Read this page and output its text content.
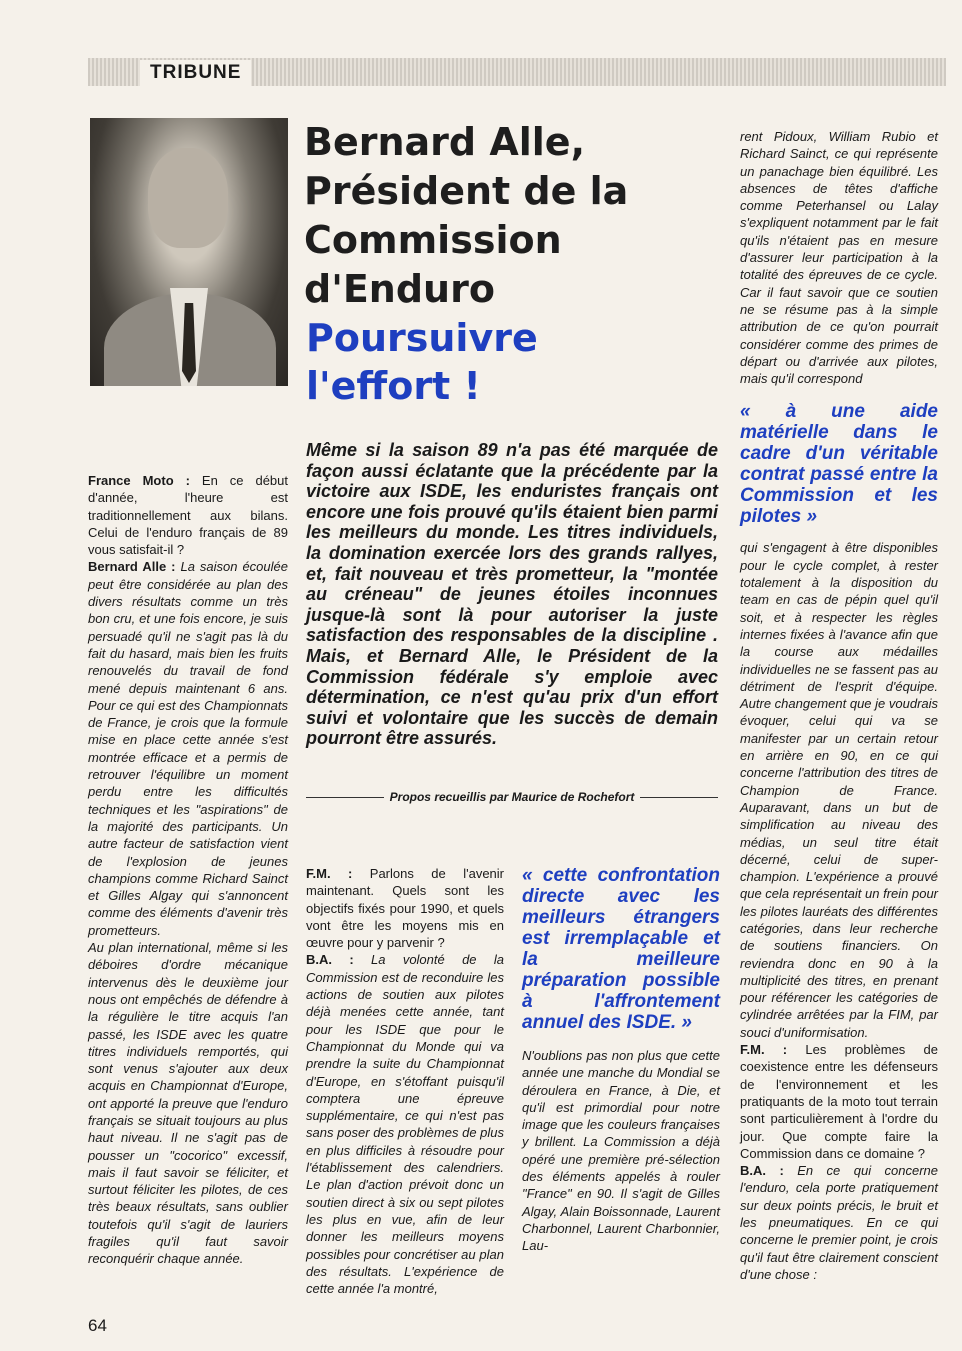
TRIBUNE
Bernard Alle,
Président de la
Commission
d'Enduro
Poursuivre
l'effort !
Même si la saison 89 n'a pas été marquée de façon aussi éclatante que la précédente par la victoire aux ISDE, les enduristes français ont encore une fois prouvé qu'ils étaient bien parmi les meilleurs du monde. Les titres individuels, la domination exercée lors des grands rallyes, et, fait nouveau et très prometteur, la "montée au créneau" de jeunes étoiles inconnues jusque-là sont là pour autoriser la juste satisfaction des responsables de la discipline . Mais, et Bernard Alle, le Président de la Commission fédérale s'y emploie avec détermination, ce n'est qu'au prix d'un effort suivi et volontaire que les succès de demain pourront être assurés.
Propos recueillis par Maurice de Rochefort

France Moto : En ce début d'année, l'heure est traditionnellement aux bilans. Celui de l'enduro français de 89 vous satisfait-il ?

Bernard Alle : La saison écoulée peut être considérée au plan des divers résultats comme un très bon cru, et une fois encore, je suis persuadé qu'il ne s'agit pas là du fait du hasard, mais bien les fruits renouvelés du travail de fond mené depuis maintenant 6 ans. Pour ce qui est des Championnats de France, je crois que la formule mise en place cette année s'est montrée efficace et a permis de retrouver l'équilibre un moment perdu entre les difficultés techniques et les "aspirations" de la majorité des participants. Un autre facteur de satisfaction vient de l'explosion de jeunes champions comme Richard Sainct et Gilles Algay qui s'annoncent comme des éléments d'avenir très prometteurs.

Au plan international, même si les déboires d'ordre mécanique intervenus dès le deuxième jour nous ont empêchés de défendre à la régulière le titre acquis l'an passé, les ISDE avec les quatre titres individuels remportés, qui sont venus s'ajouter aux deux acquis en Championnat d'Europe, ont apporté la preuve que l'enduro français se situait toujours au plus haut niveau. Il ne s'agit pas de pousser un "cocorico" excessif, mais il faut savoir se féliciter, et surtout féliciter les pilotes, de ces très beaux résultats, sans oublier toutefois qu'il s'agit de lauriers fragiles qu'il faut savoir reconquérir chaque année.

F.M. : Parlons de l'avenir maintenant. Quels sont les objectifs fixés pour 1990, et quels vont être les moyens mis en œuvre pour y parvenir ?

B.A. : La volonté de la Commission est de reconduire les actions de soutien aux pilotes déjà menées cette année, tant pour les ISDE que pour le Championnat du Monde qui va prendre la suite du Championnat d'Europe, en s'étoffant puisqu'il comptera une épreuve supplémentaire, ce qui n'est pas sans poser des problèmes de plus en plus difficiles à résoudre pour l'établissement des calendriers. Le plan d'action prévoit donc un soutien direct à six ou sept pilotes les plus en vue, afin de leur donner les meilleurs moyens possibles pour concrétiser au plan des résultats. L'expérience de cette année l'a montré,

« cette confrontation directe avec les meilleurs étrangers est irremplaçable et la meilleure préparation possible à l'affrontement annuel des ISDE. »

N'oublions pas non plus que cette année une manche du Mondial se déroulera en France, à Die, et qu'il est primordial pour notre image que les couleurs françaises y brillent. La Commission a déjà opéré une première pré-sélection des éléments appelés à rouler "France" en 90. Il s'agit de Gilles Algay, Alain Boissonnade, Laurent Charbonnel, Laurent Charbonnier, Lau-

rent Pidoux, William Rubio et Richard Sainct, ce qui représente un panachage bien équilibré. Les absences de têtes d'affiche comme Peterhansel ou Lalay s'expliquent notamment par le fait qu'ils n'étaient pas en mesure d'assurer leur participation à la totalité des épreuves de ce cycle. Car il faut savoir que ce soutien ne se résume pas à la simple attribution de ce qu'on pourrait considérer comme des primes de départ ou d'arrivée aux pilotes, mais qu'il correspond

« à une aide matérielle dans le cadre d'un véritable contrat passé entre la Commission et les pilotes »

qui s'engagent à être disponibles pour le cycle complet, à rester totalement à la disposition du team en cas de pépin quel qu'il soit, et à respecter les règles internes fixées à l'avance afin que la course aux médailles individuelles ne se fassent pas au détriment de l'esprit d'équipe. Autre changement que je voudrais évoquer, celui qui va se manifester par un certain retour en arrière en 90, en ce qui concerne l'attribution des titres de Champion de France. Auparavant, dans un but de simplification au niveau des médias, un seul titre était décerné, celui de super-champion. L'expérience a prouvé que cela représentait un frein pour les pilotes lauréats des différentes catégories, dans leur recherche de soutiens financiers. On reviendra donc en 90 à la multiplicité des titres, en prenant pour référencer les catégories de cylindrée arrêtées par la FIM, par souci d'uniformisation.

F.M. : Les problèmes de coexistence entre les défenseurs de l'environnement et les pratiquants de la moto tout terrain sont particulièrement à l'ordre du jour. Que compte faire la Commission dans ce domaine ?

B.A. : En ce qui concerne l'enduro, cela porte pratiquement sur deux points précis, le bruit et les pneumatiques. En ce qui concerne le premier point, je crois qu'il faut être clairement conscient d'une chose :

64
